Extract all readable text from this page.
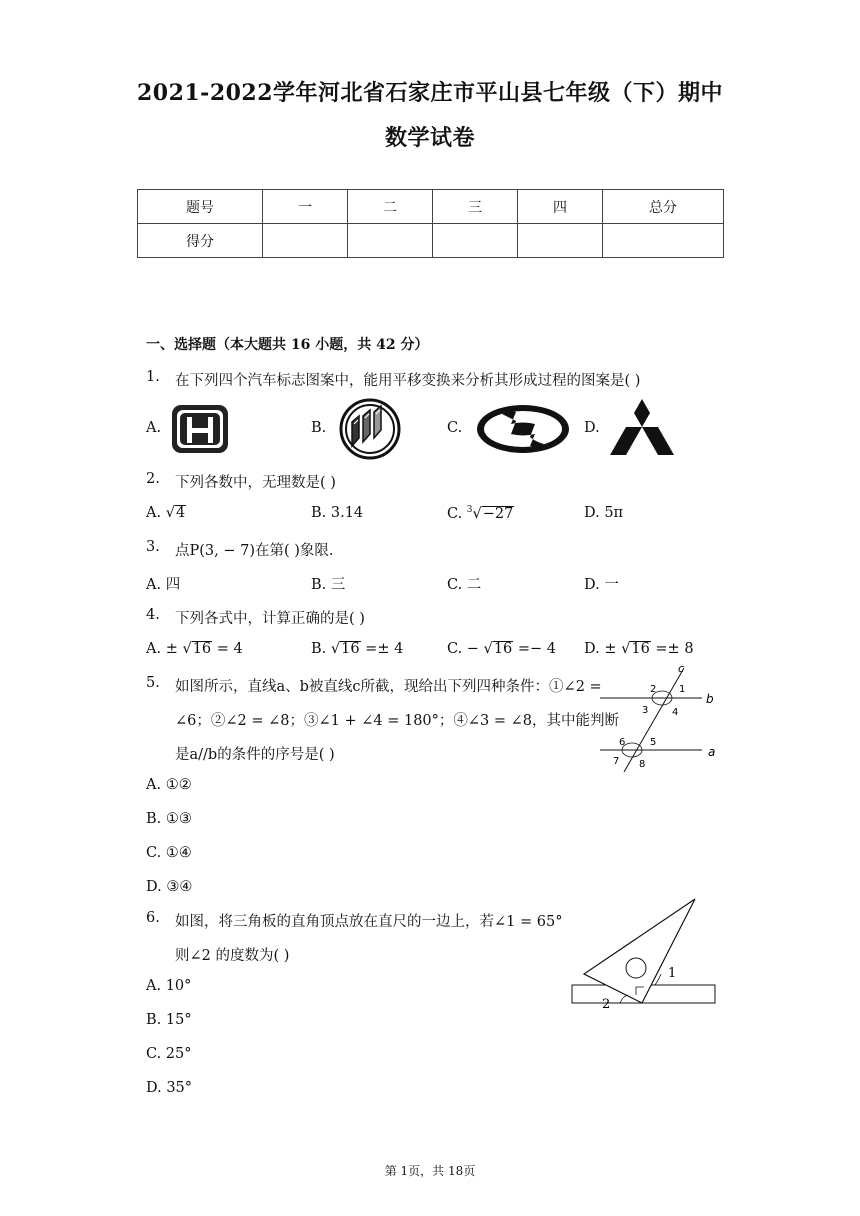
2021-2022学年河北省石家庄市平山县七年级（下）期中
数学试卷
题号	一	二	三	四	总分
得分					
一、选择题（本大题共 16 小题，共 42 分）
1. 在下列四个汽车标志图案中，能用平移变换来分析其形成过程的图案是( )
A.	B.	C.	D.
2. 下列各数中，无理数是( )
A. √4	B. 3.14	C. $^3$√−27	D. 5π
3. 点P(3, − 7)在第( )象限.
A. 四	B. 三	C. 二	D. 一
4. 下列各式中，计算正确的是( )
A. ± √16 = 4	B. √16 =± 4	C. − √16 =− 4 D. ± √16 =± 8
5. 如图所示，直线a、b被直线c所截，现给出下列四种条件：①∠2 =
∠6；②∠2 = ∠8；③∠1 + ∠4 = 180°；④∠3 = ∠8，其中能判断
是a//b的条件的序号是( )
A. ①②
B. ①③
C. ①④
D. ③④
c
2 1
3 4
b
6 5
7 8
a
6. 如图，将三角板的直角顶点放在直尺的一边上，若∠1 = 65°
则∠2 的度数为( )
A. 10°
B. 15°
C. 25°
D. 35°
1
2
第 1页，共 18页
